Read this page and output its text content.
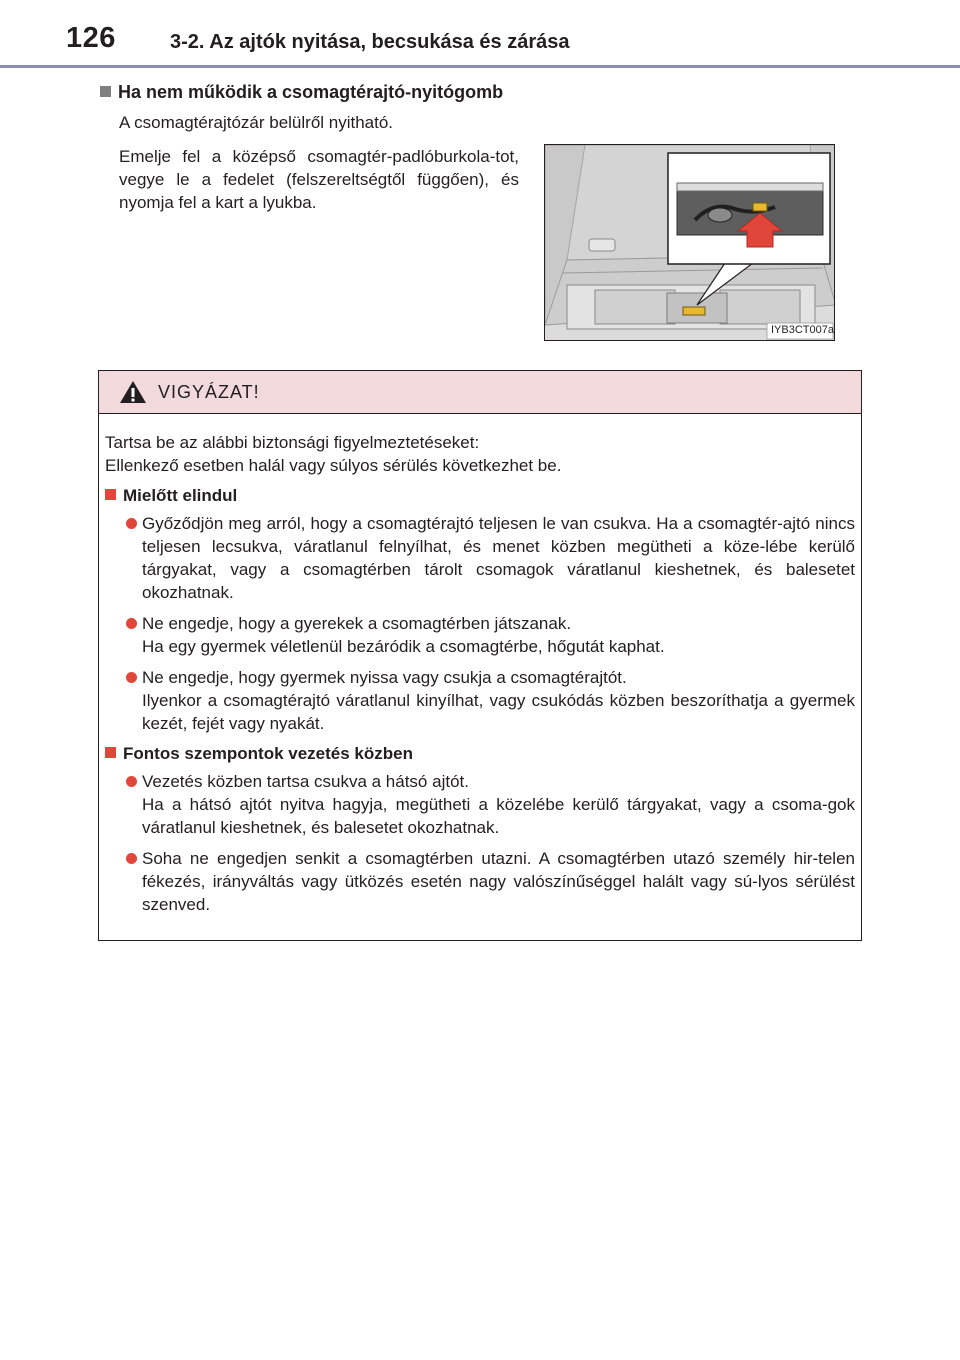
126	3-2. Az ajtók nyitása, becsukása és zárása
Ha nem működik a csomagtérajtó-nyitógomb
A csomagtérajtózár belülről nyitható.
Emelje fel a középső csomagtér-padlóburkola-tot, vegye le a fedelet (felszereltségtől függően), és nyomja fel a kart a lyukba.
IYB3CT007a
VIGYÁZAT!

Tartsa be az alábbi biztonsági figyelmeztetéseket:

Ellenkező esetben halál vagy súlyos sérülés következhet be.

Mielőtt elindul
Győződjön meg arról, hogy a csomagtérajtó teljesen le van csukva. Ha a csomagtér-ajtó nincs teljesen lecsukva, váratlanul felnyílhat, és menet közben megütheti a köze-lébe kerülő tárgyakat, vagy a csomagtérben tárolt csomagok váratlanul kieshetnek, és balesetet okozhatnak.
Ne engedje, hogy a gyerekek a csomagtérben játszanak.
Ha egy gyermek véletlenül bezáródik a csomagtérbe, hőgutát kaphat.
Ne engedje, hogy gyermek nyissa vagy csukja a csomagtérajtót.
Ilyenkor a csomagtérajtó váratlanul kinyílhat, vagy csukódás közben beszoríthatja a gyermek kezét, fejét vagy nyakát.
Fontos szempontok vezetés közben
Vezetés közben tartsa csukva a hátsó ajtót.
Ha a hátsó ajtót nyitva hagyja, megütheti a közelébe kerülő tárgyakat, vagy a csoma-gok váratlanul kieshetnek, és balesetet okozhatnak.
Soha ne engedjen senkit a csomagtérben utazni. A csomagtérben utazó személy hir-telen fékezés, irányváltás vagy ütközés esetén nagy valószínűséggel halált vagy sú-lyos sérülést szenved.
